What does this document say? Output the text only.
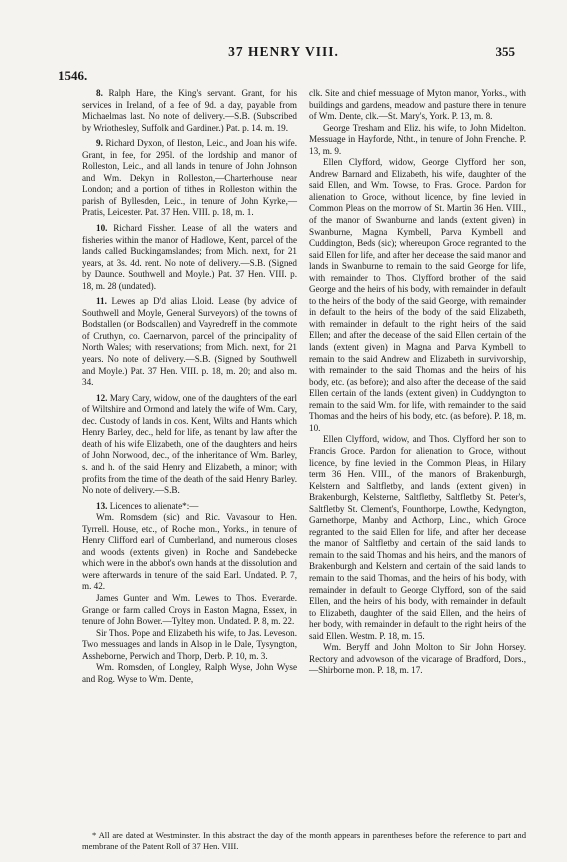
1546.
37 HENRY VIII.	355

8. Ralph Hare, the King's servant. Grant, for his services in Ireland, of a fee of 9d. a day, payable from Michaelmas last. No note of delivery.—S.B. (Subscribed by Wriothesley, Suffolk and Gardiner.) Pat. p. 14. m. 19.

9. Richard Dyxon, of Ileston, Leic., and Joan his wife. Grant, in fee, for 295l. of the lordship and manor of Rolleston, Leic., and all lands in tenure of John Johnson and Wm. Dekyn in Rolleston,—Charterhouse near London; and a portion of tithes in Rolleston within the parish of Byllesden, Leic., in tenure of John Kyrke,—Pratis, Leicester. Pat. 37 Hen. VIII. p. 18, m. 1.

10. Richard Fissher. Lease of all the waters and fisheries within the manor of Hadlowe, Kent, parcel of the lands called Buckingamslandes; from Mich. next, for 21 years, at 3s. 4d. rent. No note of delivery.—S.B. (Signed by Daunce. Southwell and Moyle.) Pat. 37 Hen. VIII. p. 18, m. 28 (undated).

11. Lewes ap D'd alias Lloid. Lease (by advice of Southwell and Moyle, General Surveyors) of the towns of Bodstallen (or Bodscallen) and Vayredreff in the commote of Cruthyn, co. Caernarvon, parcel of the principality of North Wales; with reservations; from Mich. next, for 21 years. No note of delivery.—S.B. (Signed by Southwell and Moyle.) Pat. 37 Hen. VIII. p. 18, m. 20; and also m. 34.

12. Mary Cary, widow, one of the daughters of the earl of Wiltshire and Ormond and lately the wife of Wm. Cary, dec. Custody of lands in cos. Kent, Wilts and Hants which Henry Barley, dec., held for life, as tenant by law after the death of his wife Elizabeth, one of the daughters and heirs of John Norwood, dec., of the inheritance of Wm. Barley, s. and h. of the said Henry and Elizabeth, a minor; with profits from the time of the death of the said Henry Barley. No note of delivery.—S.B.

13. Licences to alienate*:—

Wm. Romsdem (sic) and Ric. Vavasour to Hen. Tyrrell. House, etc., of Roche mon., Yorks., in tenure of Henry Clifford earl of Cumberland, and numerous closes and woods (extents given) in Roche and Sandebecke which were in the abbot's own hands at the dissolution and were afterwards in tenure of the said Earl. Undated. P. 7, m. 42.

James Gunter and Wm. Lewes to Thos. Everarde. Grange or farm called Croys in Easton Magna, Essex, in tenure of John Bower.—Tyltey mon. Undated. P. 8, m. 22.

Sir Thos. Pope and Elizabeth his wife, to Jas. Leveson. Two messuages and lands in Alsop in le Dale, Tysyngton, Assheborne, Perwich and Thorp, Derb. P. 10, m. 3.

Wm. Romsden, of Longley, Ralph Wyse, John Wyse and Rog. Wyse to Wm. Dente,

clk. Site and chief messuage of Myton manor, Yorks., with buildings and gardens, meadow and pasture there in tenure of Wm. Dente, clk.—St. Mary's, York. P. 13, m. 8.

George Tresham and Eliz. his wife, to John Midelton. Messuage in Hayforde, Ntht., in tenure of John Frenche. P. 13, m. 9.

Ellen Clyfford, widow, George Clyfford her son, Andrew Barnard and Elizabeth, his wife, daughter of the said Ellen, and Wm. Towse, to Fras. Groce. Pardon for alienation to Groce, without licence, by fine levied in Common Pleas on the morrow of St. Martin 36 Hen. VIII., of the manor of Swanburne and lands (extent given) in Swanburne, Magna Kymbell, Parva Kymbell and Cuddington, Beds (sic); whereupon Groce regranted to the said Ellen for life, and after her decease the said manor and lands in Swanburne to remain to the said George for life, with remainder to Thos. Clyfford brother of the said George and the heirs of his body, with remainder in default to the heirs of the body of the said George, with remainder in default to the heirs of the body of the said Elizabeth, with remainder in default to the right heirs of the said Ellen; and after the decease of the said Ellen certain of the lands (extent given) in Magna and Parva Kymbell to remain to the said Andrew and Elizabeth in survivorship, with remainder to the said Thomas and the heirs of his body, etc. (as before); and also after the decease of the said Ellen certain of the lands (extent given) in Cuddyngton to remain to the said Wm. for life, with remainder to the said Thomas and the heirs of his body, etc. (as before). P. 18, m. 10.

Ellen Clyfford, widow, and Thos. Clyfford her son to Francis Groce. Pardon for alienation to Groce, without licence, by fine levied in the Common Pleas, in Hilary term 36 Hen. VIII., of the manors of Brakenburgh, Kelstern and Saltfletby, and lands (extent given) in Brakenburgh, Kelsterne, Saltfletby, Saltfletby St. Peter's, Saltfletby St. Clement's, Founthorpe, Lowthe, Kedyngton, Garnethorpe, Manby and Acthorp, Linc., which Groce regranted to the said Ellen for life, and after her decease the manor of Saltfletby and certain of the said lands to remain to the said Thomas and his heirs, and the manors of Brakenburgh and Kelstern and certain of the said lands to remain to the said Thomas, and the heirs of his body, with remainder in default to George Clyfford, son of the said Ellen, and the heirs of his body, with remainder in default to Elizabeth, daughter of the said Ellen, and the heirs of her body, with remainder in default to the right heirs of the said Ellen. Westm. P. 18, m. 15.

Wm. Beryff and John Molton to Sir John Horsey. Rectory and advowson of the vicarage of Bradford, Dors.,—Shirborne mon. P. 18, m. 17.

* All are dated at Westminster. In this abstract the day of the month appears in parentheses before the reference to part and membrane of the Patent Roll of 37 Hen. VIII.
